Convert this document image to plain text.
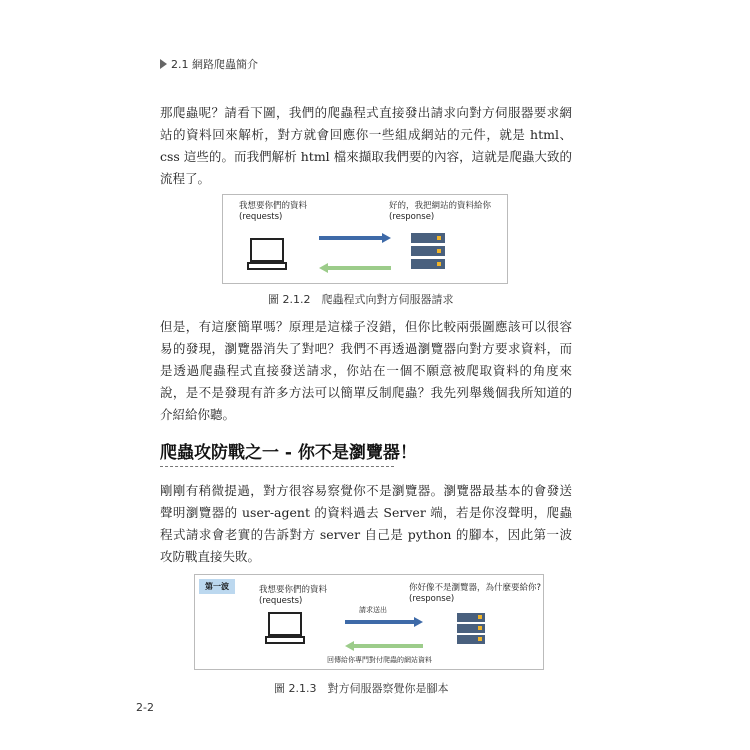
2.1 網路爬蟲簡介
那爬蟲呢？請看下圖，我們的爬蟲程式直接發出請求向對方伺服器要求網站的資料回來解析，對方就會回應你一些組成網站的元件，就是 html、css 這些的。而我們解析 html 檔來擷取我們要的內容，這就是爬蟲大致的流程了。
我想要你們的資料
(requests)
好的，我把網站的資料給你
(response)
圖 2.1.2　爬蟲程式向對方伺服器請求
但是，有這麼簡單嗎？原理是這樣子沒錯，但你比較兩張圖應該可以很容易的發現，瀏覽器消失了對吧？我們不再透過瀏覽器向對方要求資料，而是透過爬蟲程式直接發送請求，你站在一個不願意被爬取資料的角度來說，是不是發現有許多方法可以簡單反制爬蟲？我先列舉幾個我所知道的介紹給你聽。
爬蟲攻防戰之一 - 你不是瀏覽器！
剛剛有稍微提過，對方很容易察覺你不是瀏覽器。瀏覽器最基本的會發送聲明瀏覽器的 user-agent 的資料過去 Server 端，若是你沒聲明，爬蟲程式請求會老實的告訴對方 server 自己是 python 的腳本，因此第一波攻防戰直接失敗。
第一波	我想要你們的資料
(requests)
你好像不是瀏覽器，為什麼要給你?
(response)
請求送出
回傳給你專門對付爬蟲的網站資料
圖 2.1.3　對方伺服器察覺你是腳本
2-2
